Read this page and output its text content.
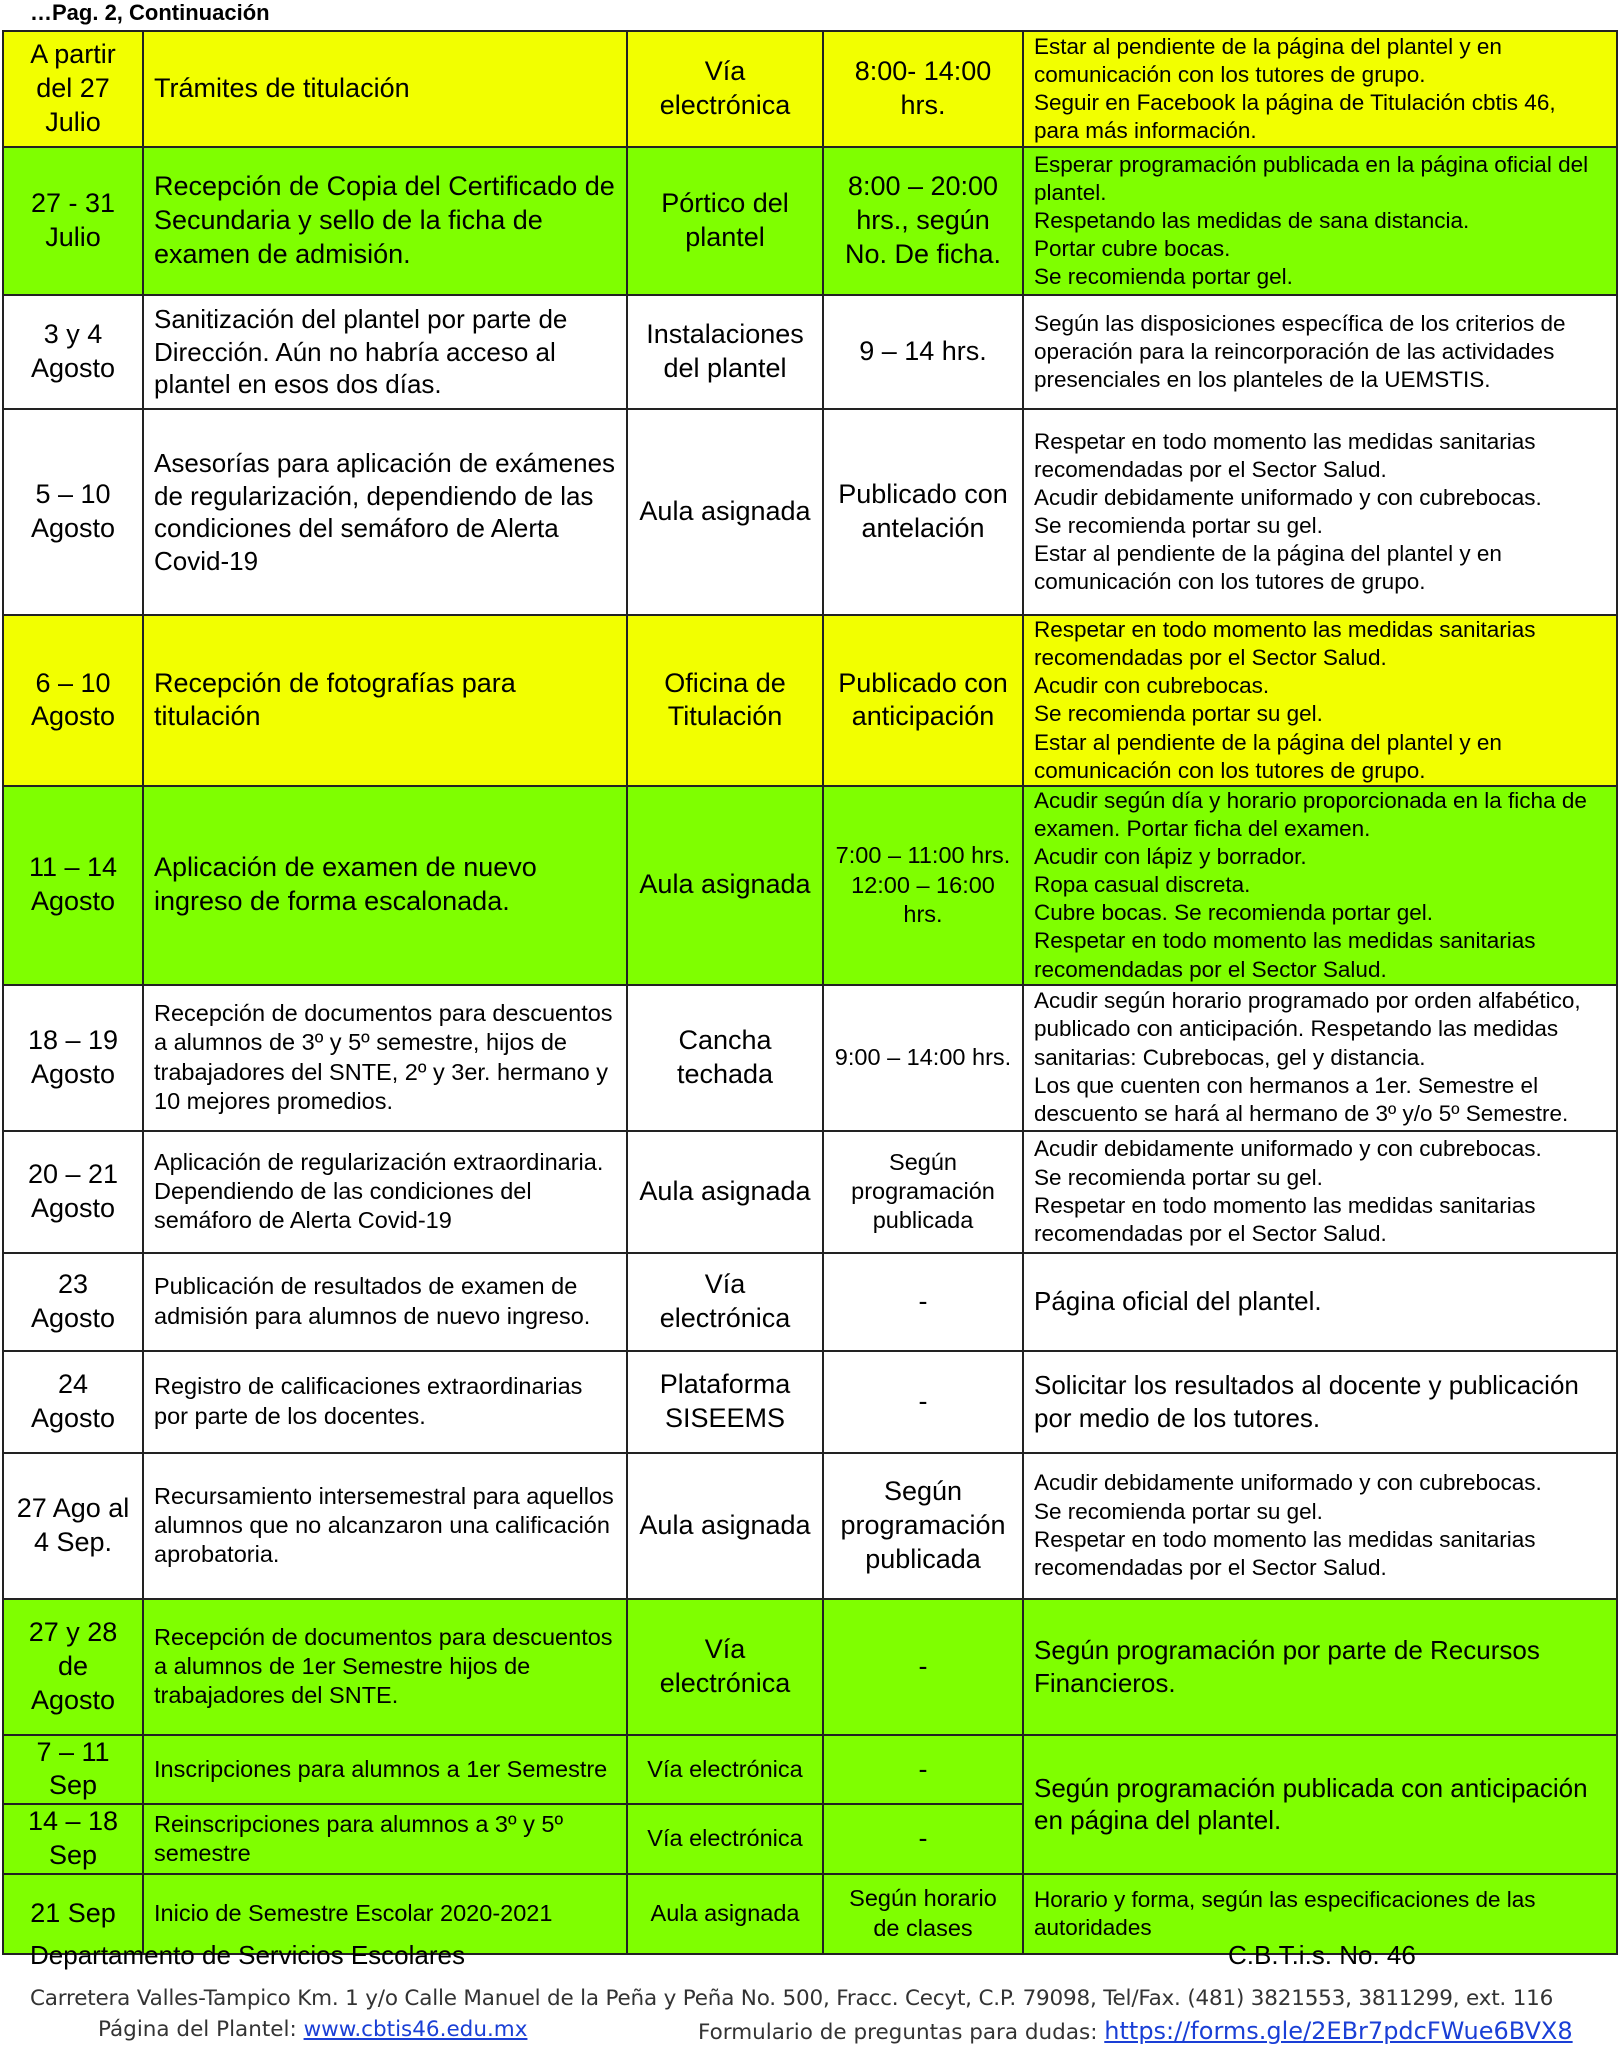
…Pag. 2, Continuación
A partir del 27 Julio	Trámites de titulación	Vía electrónica	8:00- 14:00 hrs.	Estar al pendiente de la página del plantel y en comunicación con los tutores de grupo.
Seguir en Facebook la página de Titulación cbtis 46, para más información.
27 - 31 Julio	Recepción de Copia del Certificado de Secundaria y sello de la ficha de examen de admisión.	Pórtico del plantel	8:00 – 20:00 hrs., según No. De ficha.	Esperar programación publicada en la página oficial del plantel.
Respetando las medidas de sana distancia.
Portar cubre bocas.
Se recomienda portar gel.
3 y 4 Agosto	Sanitización del plantel por parte de Dirección. Aún no habría acceso al plantel en esos dos días.	Instalaciones del plantel	9 – 14 hrs.	Según las disposiciones específica de los criterios de operación para la reincorporación de las actividades presenciales en los planteles de la UEMSTIS.
5 – 10 Agosto	Asesorías para aplicación de exámenes de regularización, dependiendo de las condiciones del semáforo de Alerta Covid-19	Aula asignada	Publicado con antelación	Respetar en todo momento las medidas sanitarias recomendadas por el Sector Salud.
Acudir debidamente uniformado y con cubrebocas.
Se recomienda portar su gel.
Estar al pendiente de la página del plantel y en comunicación con los tutores de grupo.
6 – 10 Agosto	Recepción de fotografías para titulación	Oficina de Titulación	Publicado con anticipación	Respetar en todo momento las medidas sanitarias recomendadas por el Sector Salud.
Acudir con cubrebocas.
Se recomienda portar su gel.
Estar al pendiente de la página del plantel y en comunicación con los tutores de grupo.
11 – 14 Agosto	Aplicación de examen de nuevo ingreso de forma escalonada.	Aula asignada	7:00 – 11:00 hrs. 12:00 – 16:00 hrs.	Acudir según día y horario proporcionada en la ficha de examen. Portar ficha del examen.
Acudir con lápiz y borrador.
Ropa casual discreta.
Cubre bocas. Se recomienda portar gel.
Respetar en todo momento las medidas sanitarias recomendadas por el Sector Salud.
18 – 19 Agosto	Recepción de documentos para descuentos a alumnos de 3º y 5º semestre, hijos de trabajadores del SNTE, 2º y 3er. hermano y 10 mejores promedios.	Cancha techada	9:00 – 14:00 hrs.	Acudir según horario programado por orden alfabético, publicado con anticipación. Respetando las medidas sanitarias: Cubrebocas, gel y distancia.
Los que cuenten con hermanos a 1er. Semestre el descuento se hará al hermano de 3º y/o 5º Semestre.
20 – 21 Agosto	Aplicación de regularización extraordinaria. Dependiendo de las condiciones del semáforo de Alerta Covid-19	Aula asignada	Según programación publicada	Acudir debidamente uniformado y con cubrebocas.
Se recomienda portar su gel.
Respetar en todo momento las medidas sanitarias recomendadas por el Sector Salud.
23 Agosto	Publicación de resultados de examen de admisión para alumnos de nuevo ingreso.	Vía electrónica	-	Página oficial del plantel.
24 Agosto	Registro de calificaciones extraordinarias por parte de los docentes.	Plataforma SISEEMS	-	Solicitar los resultados al docente y publicación por medio de los tutores.
27 Ago al 4 Sep.	Recursamiento intersemestral para aquellos alumnos que no alcanzaron una calificación aprobatoria.	Aula asignada	Según programación publicada	Acudir debidamente uniformado y con cubrebocas.
Se recomienda portar su gel.
Respetar en todo momento las medidas sanitarias recomendadas por el Sector Salud.
27 y 28 de Agosto	Recepción de documentos para descuentos a alumnos de 1er Semestre hijos de trabajadores del SNTE.	Vía electrónica	-	Según programación por parte de Recursos Financieros.
7 – 11 Sep	Inscripciones para alumnos a 1er Semestre	Vía electrónica	-	Según programación publicada con anticipación en página del plantel.
14 – 18 Sep	Reinscripciones para alumnos a 3º y 5º semestre	Vía electrónica	-	
21 Sep	Inicio de Semestre Escolar 2020-2021	Aula asignada	Según horario de clases	Horario y forma, según las especificaciones de las autoridades
Departamento de Servicios Escolares	C.B.T.i.s. No. 46
Carretera Valles-Tampico Km. 1 y/o Calle Manuel de la Peña y Peña No. 500, Fracc. Cecyt, C.P. 79098, Tel/Fax. (481) 3821553, 3811299, ext. 116
Página del Plantel: www.cbtis46.edu.mx	Formulario de preguntas para dudas: https://forms.gle/2EBr7pdcFWue6BVX8
